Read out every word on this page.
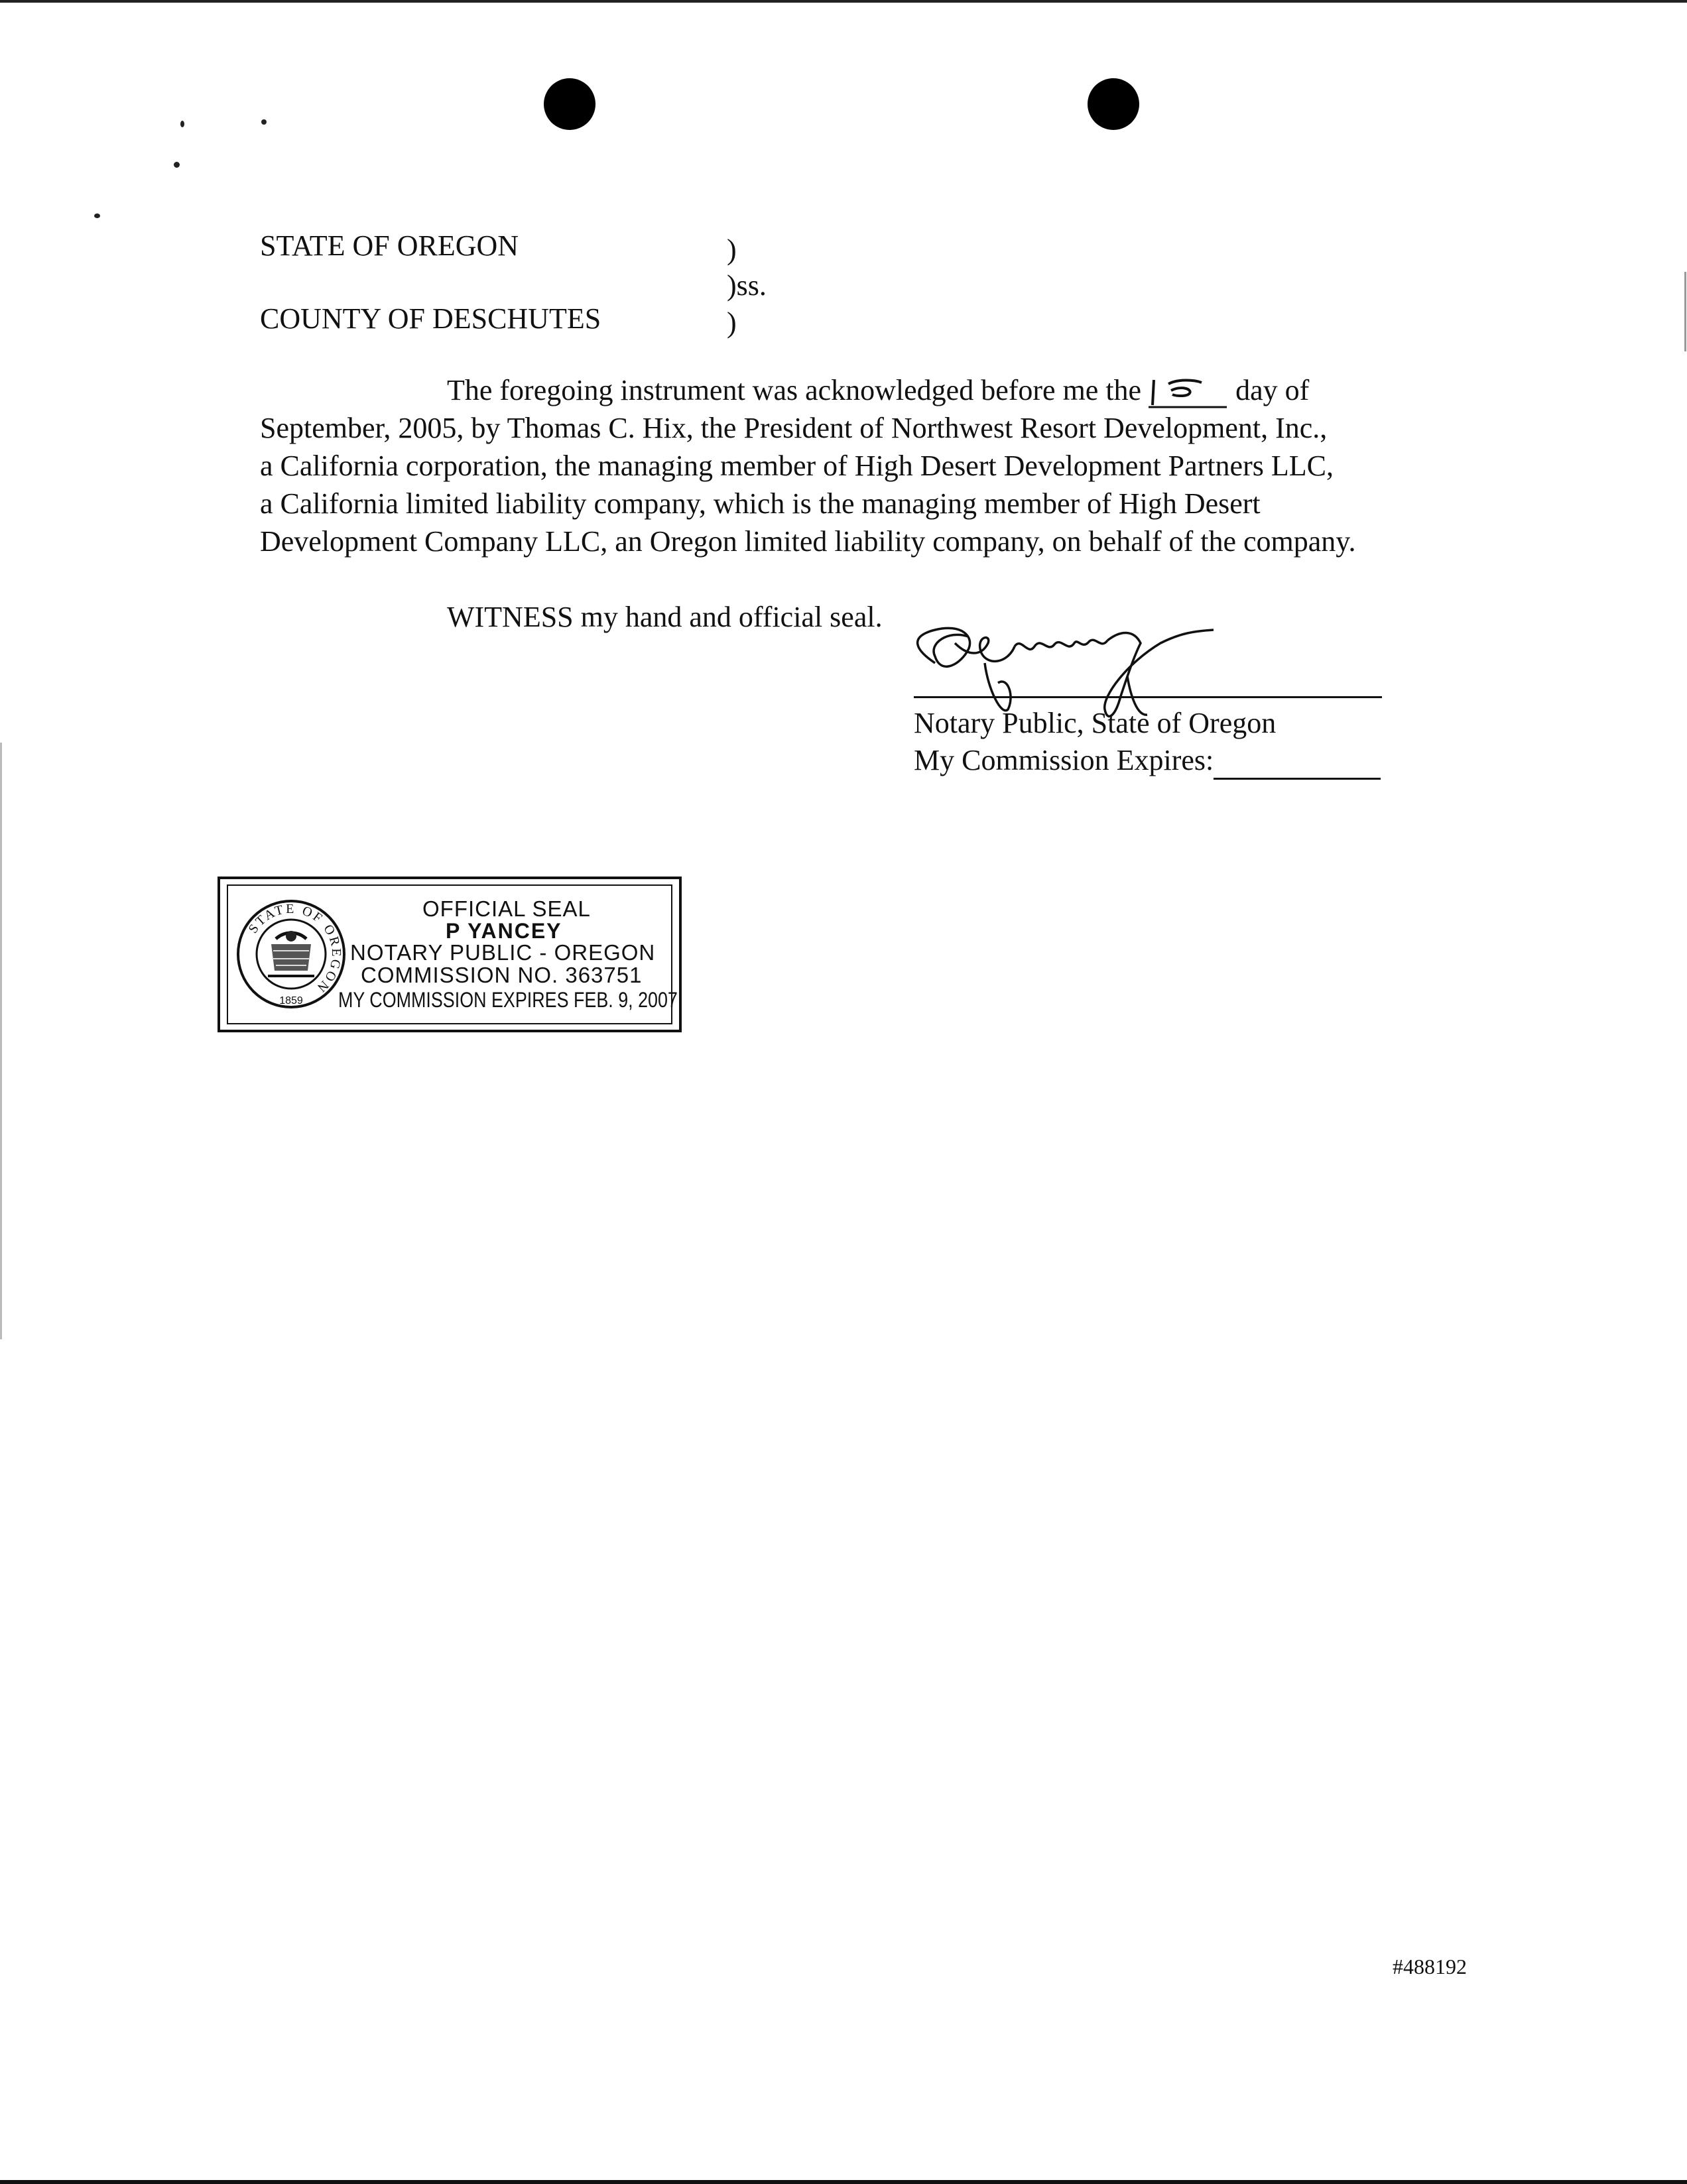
STATE OF OREGON
COUNTY OF DESCHUTES
)
)ss.
)

The foregoing instrument was acknowledged before me the	day of

September, 2005, by Thomas C. Hix, the President of Northwest Resort Development, Inc.,

a California corporation, the managing member of High Desert Development Partners LLC,

a California limited liability company, which is the managing member of High Desert

Development Company LLC, an Oregon limited liability company, on behalf of the company.

WITNESS my hand and official seal.
Notary Public, State of Oregon
My Commission Expires:
STATE OF OREGON
1859
OFFICIAL SEAL
P YANCEY
NOTARY PUBLIC - OREGON
COMMISSION NO. 363751
MY COMMISSION EXPIRES FEB. 9, 2007
#488192
